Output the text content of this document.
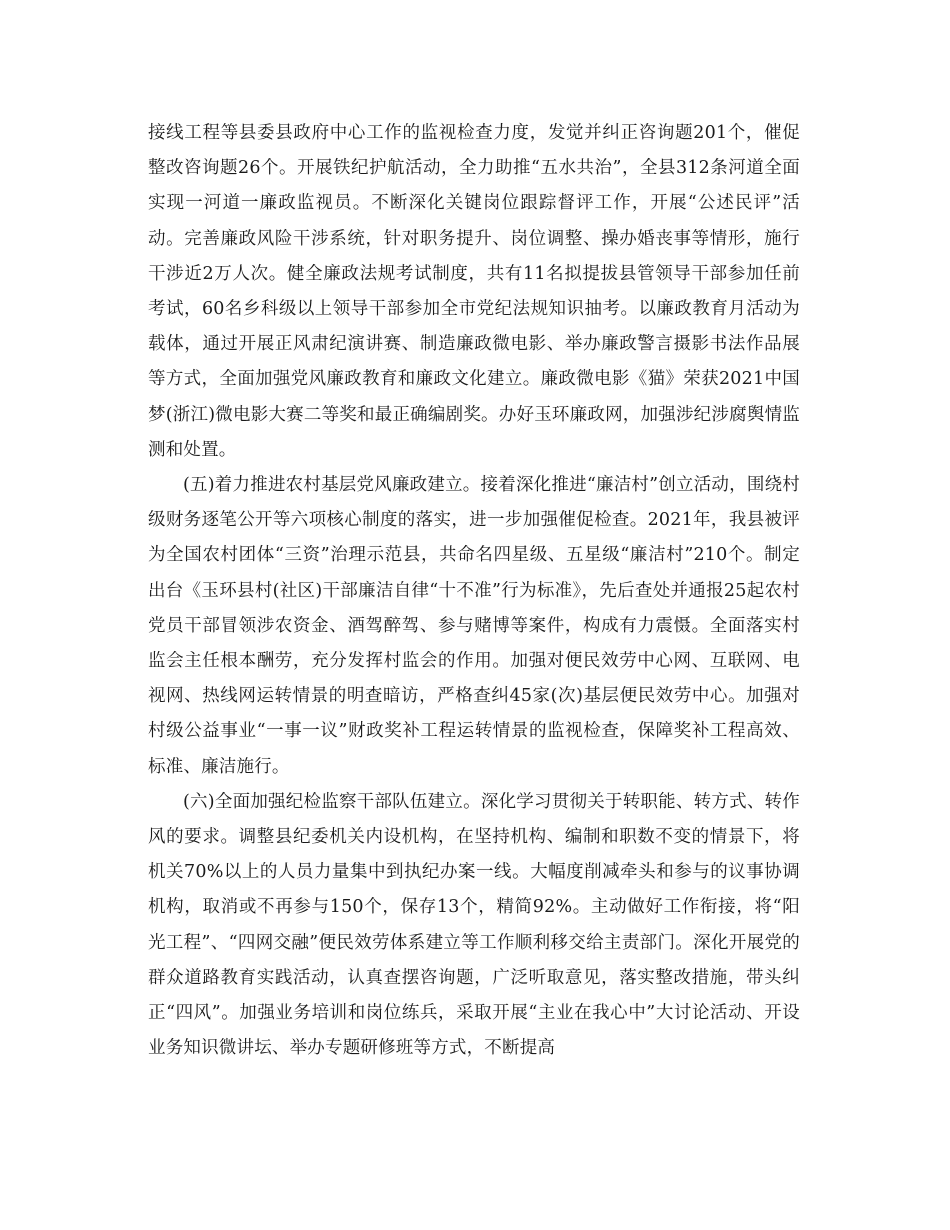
接线工程等县委县政府中心工作的监视检查力度，发觉并纠正咨询题201个，催促整改咨询题26个。开展铁纪护航活动，全力助推“五水共治”，全县312条河道全面实现一河道一廉政监视员。不断深化关键岗位跟踪督评工作，开展“公述民评”活动。完善廉政风险干涉系统，针对职务提升、岗位调整、操办婚丧事等情形，施行干涉近2万人次。健全廉政法规考试制度，共有11名拟提拔县管领导干部参加任前考试，60名乡科级以上领导干部参加全市党纪法规知识抽考。以廉政教育月活动为载体，通过开展正风肃纪演讲赛、制造廉政微电影、举办廉政警言摄影书法作品展等方式，全面加强党风廉政教育和廉政文化建立。廉政微电影《猫》荣获2021中国梦(浙江)微电影大赛二等奖和最正确编剧奖。办好玉环廉政网，加强涉纪涉腐舆情监测和处置。

(五)着力推进农村基层党风廉政建立。接着深化推进“廉洁村”创立活动，围绕村级财务逐笔公开等六项核心制度的落实，进一步加强催促检查。2021年，我县被评为全国农村团体“三资”治理示范县，共命名四星级、五星级“廉洁村”210个。制定出台《玉环县村(社区)干部廉洁自律“十不准”行为标准》，先后查处并通报25起农村党员干部冒领涉农资金、酒驾醉驾、参与赌博等案件，构成有力震慑。全面落实村监会主任根本酬劳，充分发挥村监会的作用。加强对便民效劳中心网、互联网、电视网、热线网运转情景的明查暗访，严格查纠45家(次)基层便民效劳中心。加强对村级公益事业“一事一议”财政奖补工程运转情景的监视检查，保障奖补工程高效、标准、廉洁施行。

(六)全面加强纪检监察干部队伍建立。深化学习贯彻关于转职能、转方式、转作风的要求。调整县纪委机关内设机构，在坚持机构、编制和职数不变的情景下，将机关70%以上的人员力量集中到执纪办案一线。大幅度削减牵头和参与的议事协调机构，取消或不再参与150个，保存13个，精简92%。主动做好工作衔接，将“阳光工程”、“四网交融”便民效劳体系建立等工作顺利移交给主责部门。深化开展党的群众道路教育实践活动，认真查摆咨询题，广泛听取意见，落实整改措施，带头纠正“四风”。加强业务培训和岗位练兵，采取开展“主业在我心中”大讨论活动、开设业务知识微讲坛、举办专题研修班等方式，不断提高
